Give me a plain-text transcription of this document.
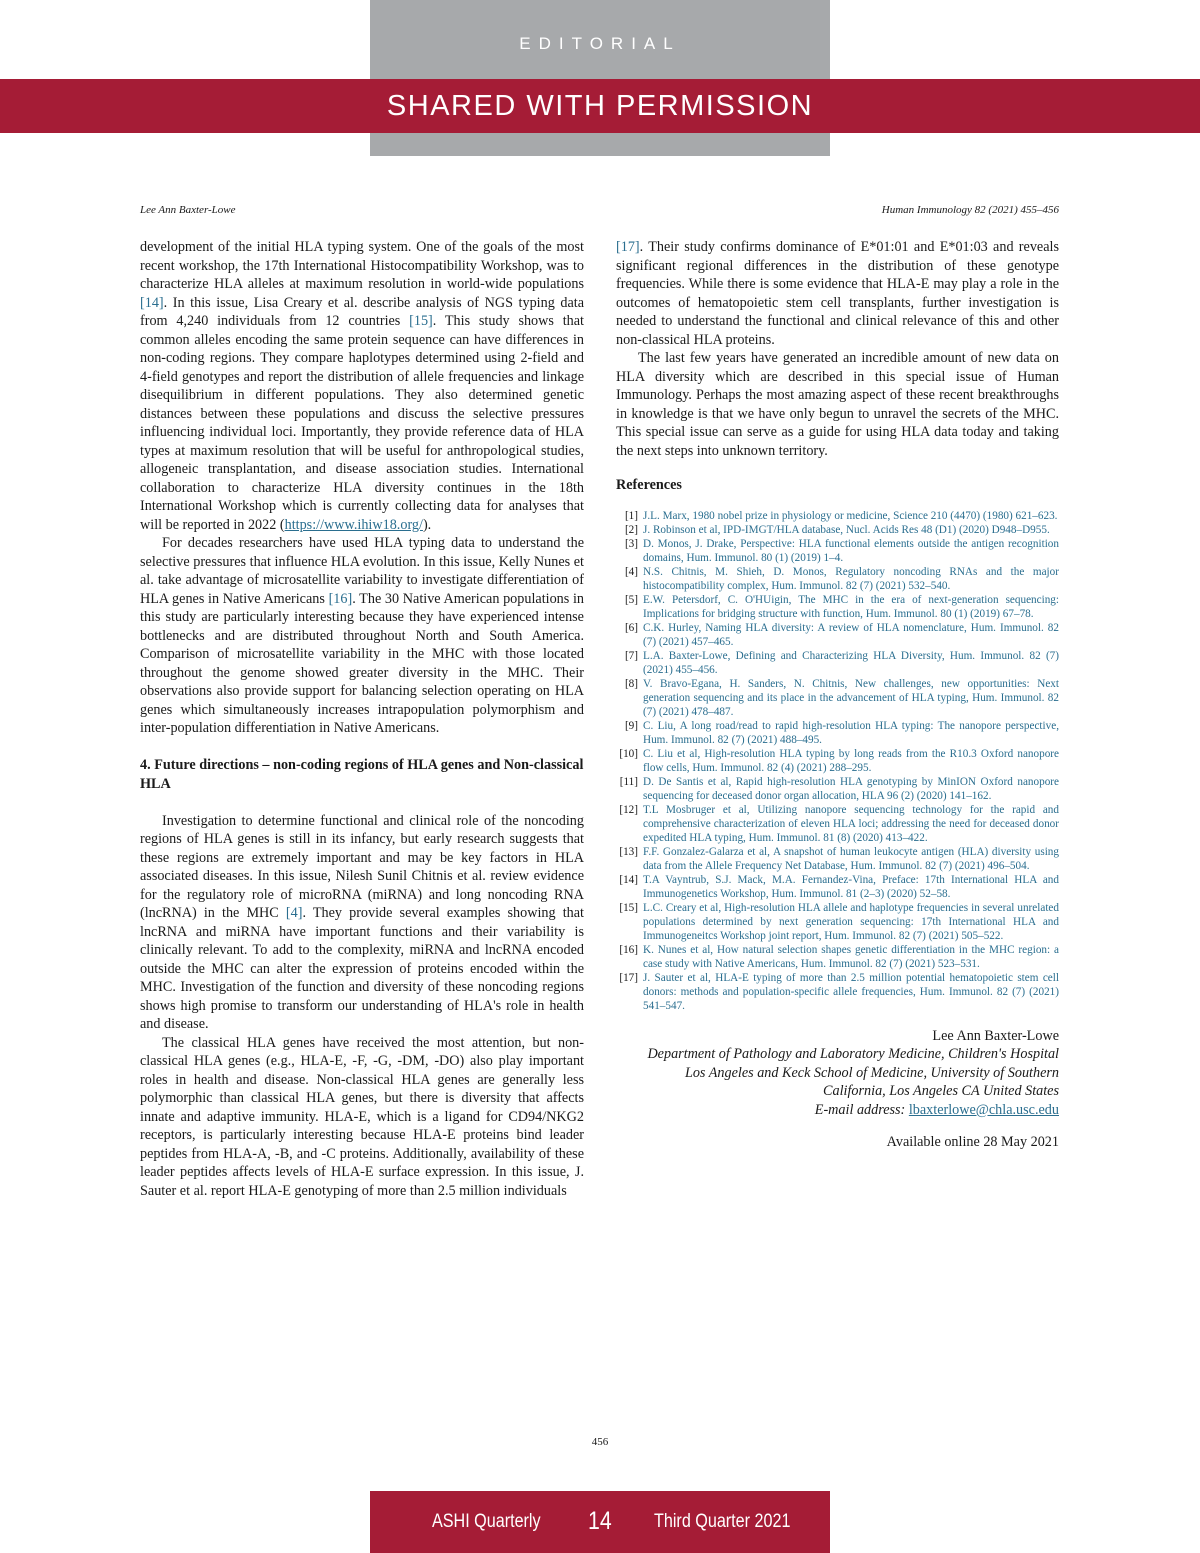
EDITORIAL
SHARED WITH PERMISSION
Lee Ann Baxter-Lowe	Human Immunology 82 (2021) 455–456

development of the initial HLA typing system. One of the goals of the most recent workshop, the 17th International Histocompatibility Workshop, was to characterize HLA alleles at maximum resolution in world-wide populations [14]. In this issue, Lisa Creary et al. describe analysis of NGS typing data from 4,240 individuals from 12 countries [15]. This study shows that common alleles encoding the same protein sequence can have differences in non-coding regions. They compare haplotypes determined using 2-field and 4-field genotypes and report the distribution of allele frequencies and linkage disequilibrium in different populations. They also determined genetic distances between these populations and discuss the selective pressures influencing individual loci. Importantly, they provide reference data of HLA types at maximum resolution that will be useful for anthropological studies, allogeneic transplantation, and disease association studies. International collaboration to characterize HLA diversity continues in the 18th International Workshop which is currently collecting data for analyses that will be reported in 2022 (https://www.ihiw18.org/).

For decades researchers have used HLA typing data to understand the selective pressures that influence HLA evolution. In this issue, Kelly Nunes et al. take advantage of microsatellite variability to investigate differentiation of HLA genes in Native Americans [16]. The 30 Native American populations in this study are particularly interesting because they have experienced intense bottlenecks and are distributed throughout North and South America. Comparison of microsatellite variability in the MHC with those located throughout the genome showed greater diversity in the MHC. Their observations also provide support for balancing selection operating on HLA genes which simultaneously increases intrapopulation polymorphism and inter-population differentiation in Native Americans.

4. Future directions – non-coding regions of HLA genes and Non-classical HLA

Investigation to determine functional and clinical role of the noncoding regions of HLA genes is still in its infancy, but early research suggests that these regions are extremely important and may be key factors in HLA associated diseases. In this issue, Nilesh Sunil Chitnis et al. review evidence for the regulatory role of microRNA (miRNA) and long noncoding RNA (lncRNA) in the MHC [4]. They provide several examples showing that lncRNA and miRNA have important functions and their variability is clinically relevant. To add to the complexity, miRNA and lncRNA encoded outside the MHC can alter the expression of proteins encoded within the MHC. Investigation of the function and diversity of these noncoding regions shows high promise to transform our understanding of HLA's role in health and disease.

The classical HLA genes have received the most attention, but non-classical HLA genes (e.g., HLA-E, -F, -G, -DM, -DO) also play important roles in health and disease. Non-classical HLA genes are generally less polymorphic than classical HLA genes, but there is diversity that affects innate and adaptive immunity. HLA-E, which is a ligand for CD94/NKG2 receptors, is particularly interesting because HLA-E proteins bind leader peptides from HLA-A, -B, and -C proteins. Additionally, availability of these leader peptides affects levels of HLA-E surface expression. In this issue, J. Sauter et al. report HLA-E genotyping of more than 2.5 million individuals

[17]. Their study confirms dominance of E*01:01 and E*01:03 and reveals significant regional differences in the distribution of these genotype frequencies. While there is some evidence that HLA-E may play a role in the outcomes of hematopoietic stem cell transplants, further investigation is needed to understand the functional and clinical relevance of this and other non-classical HLA proteins.

The last few years have generated an incredible amount of new data on HLA diversity which are described in this special issue of Human Immunology. Perhaps the most amazing aspect of these recent breakthroughs in knowledge is that we have only begun to unravel the secrets of the MHC. This special issue can serve as a guide for using HLA data today and taking the next steps into unknown territory.

References
[1] J.L. Marx, 1980 nobel prize in physiology or medicine, Science 210 (4470) (1980) 621–623.
[2] J. Robinson et al, IPD-IMGT/HLA database, Nucl. Acids Res 48 (D1) (2020) D948–D955.
[3] D. Monos, J. Drake, Perspective: HLA functional elements outside the antigen recognition domains, Hum. Immunol. 80 (1) (2019) 1–4.
[4] N.S. Chitnis, M. Shieh, D. Monos, Regulatory noncoding RNAs and the major histocompatibility complex, Hum. Immunol. 82 (7) (2021) 532–540.
[5] E.W. Petersdorf, C. O'HUigin, The MHC in the era of next-generation sequencing: Implications for bridging structure with function, Hum. Immunol. 80 (1) (2019) 67–78.
[6] C.K. Hurley, Naming HLA diversity: A review of HLA nomenclature, Hum. Immunol. 82 (7) (2021) 457–465.
[7] L.A. Baxter-Lowe, Defining and Characterizing HLA Diversity, Hum. Immunol. 82 (7) (2021) 455–456.
[8] V. Bravo-Egana, H. Sanders, N. Chitnis, New challenges, new opportunities: Next generation sequencing and its place in the advancement of HLA typing, Hum. Immunol. 82 (7) (2021) 478–487.
[9] C. Liu, A long road/read to rapid high-resolution HLA typing: The nanopore perspective, Hum. Immunol. 82 (7) (2021) 488–495.
[10] C. Liu et al, High-resolution HLA typing by long reads from the R10.3 Oxford nanopore flow cells, Hum. Immunol. 82 (4) (2021) 288–295.
[11] D. De Santis et al, Rapid high-resolution HLA genotyping by MinION Oxford nanopore sequencing for deceased donor organ allocation, HLA 96 (2) (2020) 141–162.
[12] T.L Mosbruger et al, Utilizing nanopore sequencing technology for the rapid and comprehensive characterization of eleven HLA loci; addressing the need for deceased donor expedited HLA typing, Hum. Immunol. 81 (8) (2020) 413–422.
[13] F.F. Gonzalez-Galarza et al, A snapshot of human leukocyte antigen (HLA) diversity using data from the Allele Frequency Net Database, Hum. Immunol. 82 (7) (2021) 496–504.
[14] T.A Vayntrub, S.J. Mack, M.A. Fernandez-Vina, Preface: 17th International HLA and Immunogenetics Workshop, Hum. Immunol. 81 (2–3) (2020) 52–58.
[15] L.C. Creary et al, High-resolution HLA allele and haplotype frequencies in several unrelated populations determined by next generation sequencing: 17th International HLA and Immunogeneitcs Workshop joint report, Hum. Immunol. 82 (7) (2021) 505–522.
[16] K. Nunes et al, How natural selection shapes genetic differentiation in the MHC region: a case study with Native Americans, Hum. Immunol. 82 (7) (2021) 523–531.
[17] J. Sauter et al, HLA-E typing of more than 2.5 million potential hematopoietic stem cell donors: methods and population-specific allele frequencies, Hum. Immunol. 82 (7) (2021) 541–547.
Lee Ann Baxter-Lowe
Department of Pathology and Laboratory Medicine, Children's Hospital
Los Angeles and Keck School of Medicine, University of Southern
California, Los Angeles CA United States
E-mail address: lbaxterlowe@chla.usc.edu
Available online 28 May 2021
456
ASHI Quarterly 14 Third Quarter 2021
